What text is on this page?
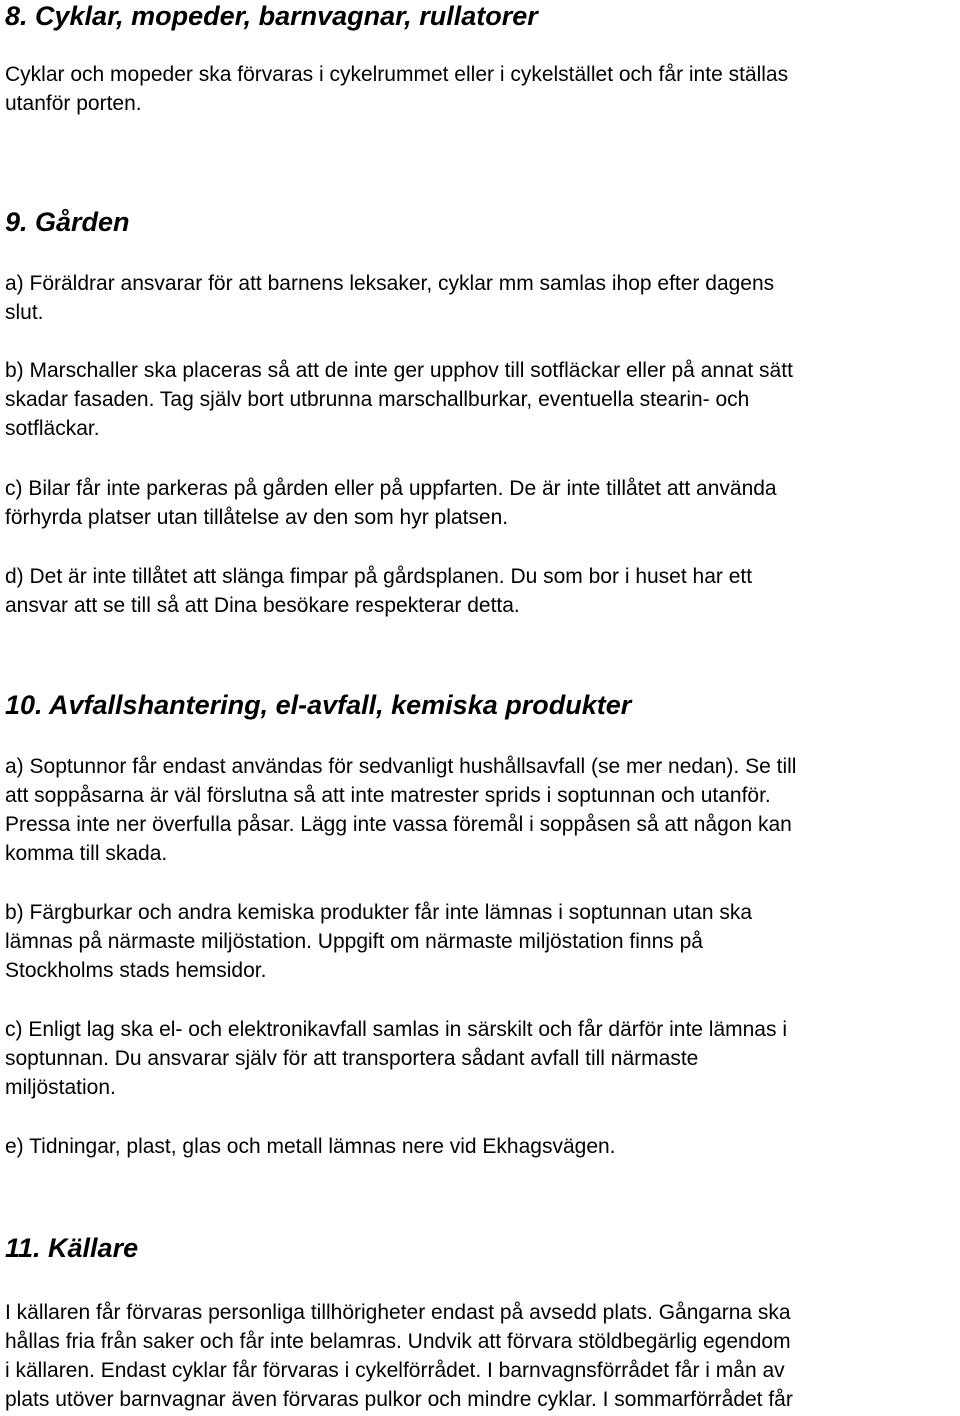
8. Cyklar, mopeder, barnvagnar, rullatorer

Cyklar och mopeder ska förvaras i cykelrummet eller i cykelstället och får inte ställas
utanför porten.

9. Gården

a) Föräldrar ansvarar för att barnens leksaker, cyklar mm samlas ihop efter dagens
slut.

b) Marschaller ska placeras så att de inte ger upphov till sotfläckar eller på annat sätt
skadar fasaden. Tag själv bort utbrunna marschallburkar, eventuella stearin- och
sotfläckar.

c) Bilar får inte parkeras på gården eller på uppfarten. De är inte tillåtet att använda
förhyrda platser utan tillåtelse av den som hyr platsen.

d) Det är inte tillåtet att slänga fimpar på gårdsplanen. Du som bor i huset har ett
ansvar att se till så att Dina besökare respekterar detta.

10. Avfallshantering, el-avfall, kemiska produkter

a) Soptunnor får endast användas för sedvanligt hushållsavfall (se mer nedan). Se till
att soppåsarna är väl förslutna så att inte matrester sprids i soptunnan och utanför.
Pressa inte ner överfulla påsar. Lägg inte vassa föremål i soppåsen så att någon kan
komma till skada.

b) Färgburkar och andra kemiska produkter får inte lämnas i soptunnan utan ska
lämnas på närmaste miljöstation. Uppgift om närmaste miljöstation finns på
Stockholms stads hemsidor.

c) Enligt lag ska el- och elektronikavfall samlas in särskilt och får därför inte lämnas i
soptunnan. Du ansvarar själv för att transportera sådant avfall till närmaste
miljöstation.

e) Tidningar, plast, glas och metall lämnas nere vid Ekhagsvägen.

11. Källare

I källaren får förvaras personliga tillhörigheter endast på avsedd plats. Gångarna ska
hållas fria från saker och får inte belamras. Undvik att förvara stöldbegärlig egendom
i källaren. Endast cyklar får förvaras i cykelförrådet. I barnvagnsförrådet får i mån av
plats utöver barnvagnar även förvaras pulkor och mindre cyklar. I sommarförrådet får
